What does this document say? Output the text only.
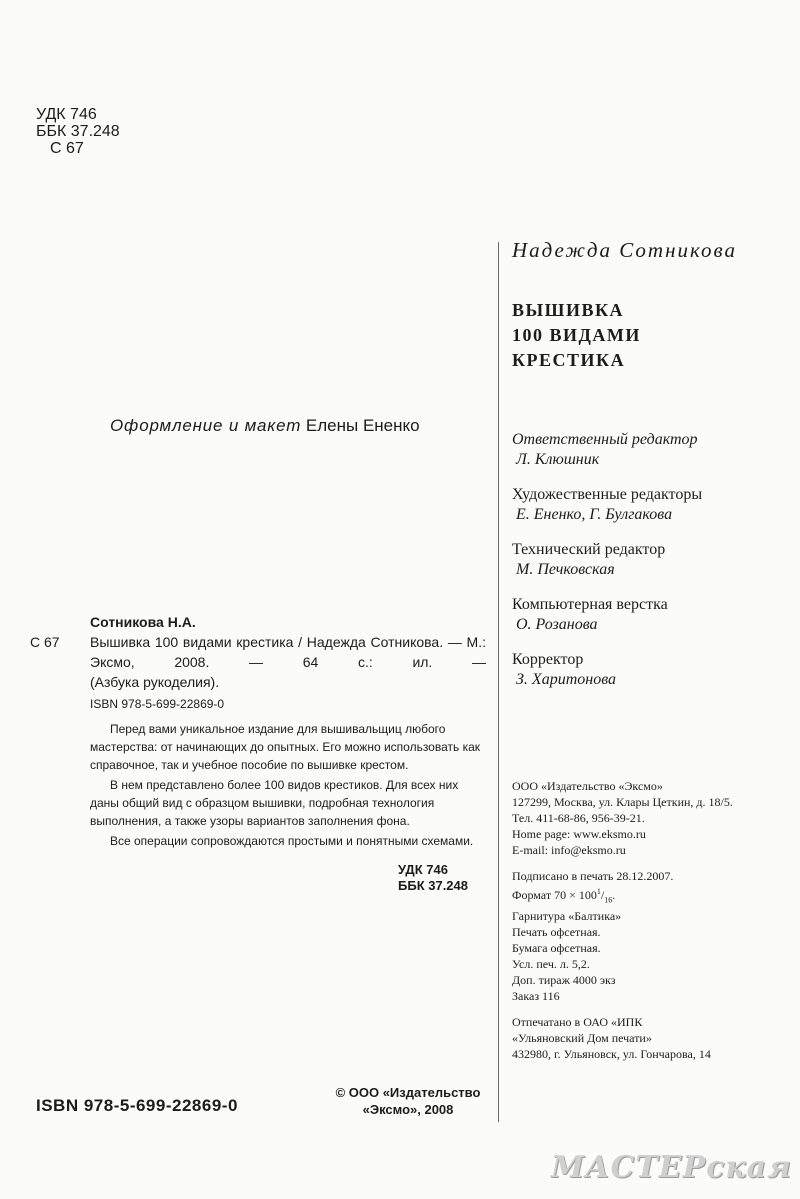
УДК 746
ББК 37.248
С 67
Надежда Сотникова
ВЫШИВКА
100 ВИДАМИ
КРЕСТИКА
Оформление и макет Елены Ененко
Ответственный редактор
Л. Клюшник
Художественные редакторы
Е. Ененко, Г. Булгакова
Технический редактор
М. Печковская
Компьютерная верстка
О. Розанова
Корректор
З. Харитонова
С 67
Сотникова Н.А.
Вышивка 100 видами крестика / Надежда Сотникова. — М.: Эксмо, 2008. — 64 с.: ил. —
(Азбука рукоделия).
ISBN 978-5-699-22869-0
Перед вами уникальное издание для вышивальщиц любого мастерства: от начинающих до опытных. Его можно использовать как справочное, так и учебное пособие по вышивке крестом.
В нем представлено более 100 видов крестиков. Для всех них даны общий вид с образцом вышивки, подробная технология выполнения, а также узоры вариантов заполнения фона.
Все операции сопровождаются простыми и понятными схемами.
УДК 746
ББК 37.248
ООО «Издательство «Эксмо»
127299, Москва, ул. Клары Цеткин, д. 18/5.
Тел. 411-68-86, 956-39-21.
Home page: www.eksmo.ru
E-mail: info@eksmo.ru
Подписано в печать 28.12.2007.
Формат $70 \times 100^1/_{16}$.
Гарнитура «Балтика»
Печать офсетная.
Бумага офсетная.
Усл. печ. л. 5,2.
Доп. тираж 4000 экз
Заказ 116
Отпечатано в ОАО «ИПК
«Ульяновский Дом печати»
432980, г. Ульяновск, ул. Гончарова, 14
ISBN 978-5-699-22869-0
© ООО «Издательство
«Эксмо», 2008
МАСТЕРская
